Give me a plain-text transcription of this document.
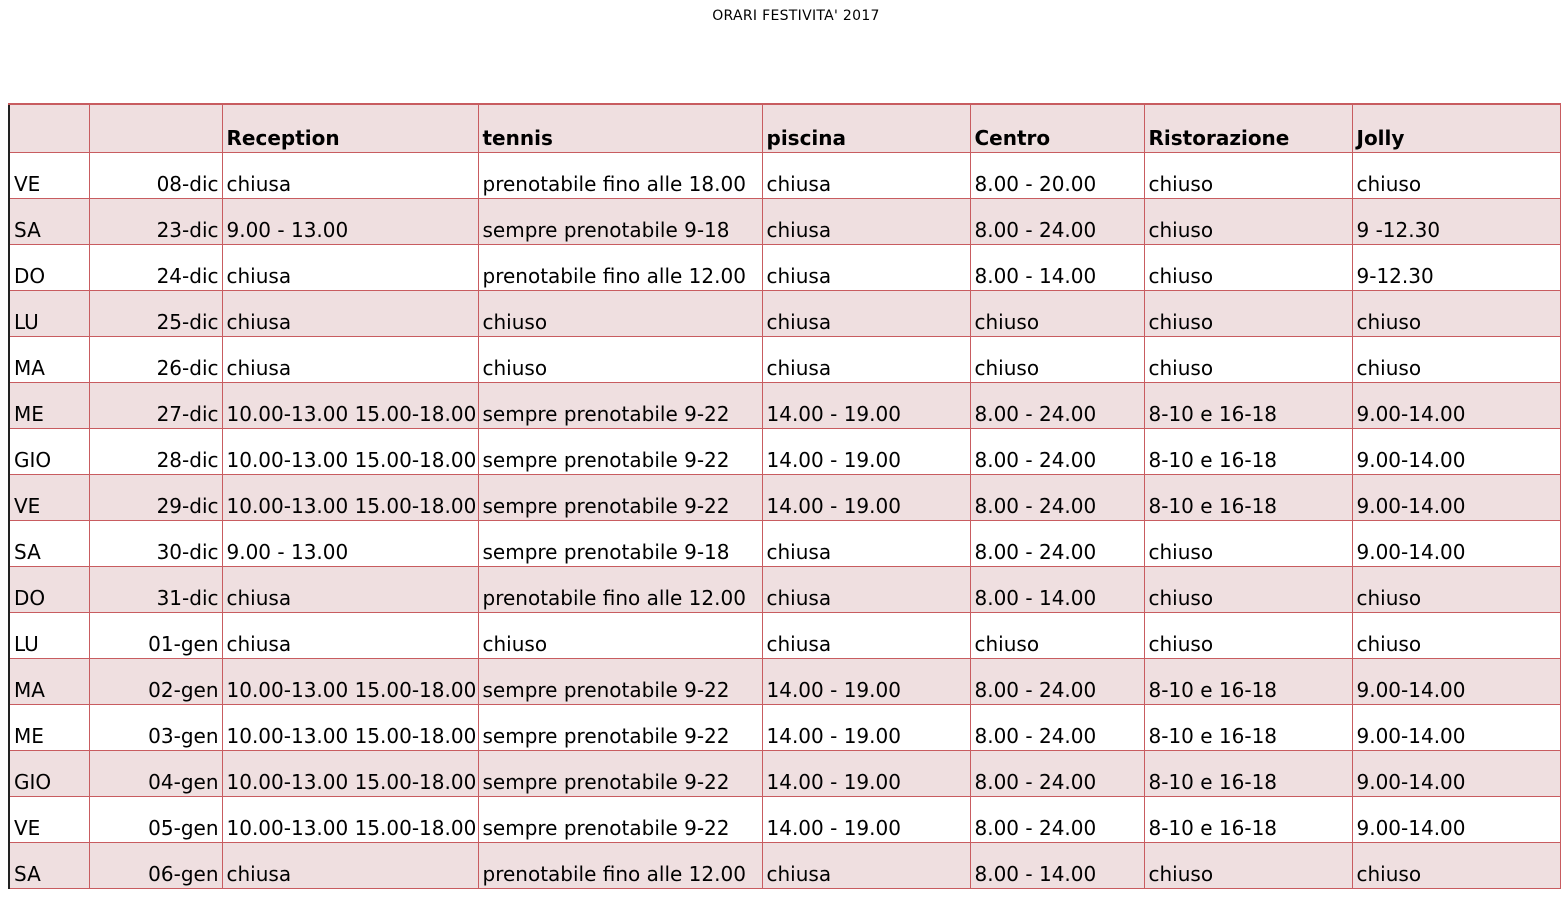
ORARI FESTIVITA' 2017
		Reception	tennis	piscina	Centro	Ristorazione	Jolly
VE	08-dic	chiusa	prenotabile fino alle 18.00	chiusa	8.00 - 20.00	chiuso	chiuso
SA	23-dic	9.00 - 13.00	sempre prenotabile 9-18	chiusa	8.00 - 24.00	chiuso	9 -12.30
DO	24-dic	chiusa	prenotabile fino alle 12.00	chiusa	8.00 - 14.00	chiuso	9-12.30
LU	25-dic	chiusa	chiuso	chiusa	chiuso	chiuso	chiuso
MA	26-dic	chiusa	chiuso	chiusa	chiuso	chiuso	chiuso
ME	27-dic	10.00-13.00 15.00-18.00	sempre prenotabile 9-22	14.00 - 19.00	8.00 - 24.00	8-10 e 16-18	9.00-14.00
GIO	28-dic	10.00-13.00 15.00-18.00	sempre prenotabile 9-22	14.00 - 19.00	8.00 - 24.00	8-10 e 16-18	9.00-14.00
VE	29-dic	10.00-13.00 15.00-18.00	sempre prenotabile 9-22	14.00 - 19.00	8.00 - 24.00	8-10 e 16-18	9.00-14.00
SA	30-dic	9.00 - 13.00	sempre prenotabile 9-18	chiusa	8.00 - 24.00	chiuso	9.00-14.00
DO	31-dic	chiusa	prenotabile fino alle 12.00	chiusa	8.00 - 14.00	chiuso	chiuso
LU	01-gen	chiusa	chiuso	chiusa	chiuso	chiuso	chiuso
MA	02-gen	10.00-13.00 15.00-18.00	sempre prenotabile 9-22	14.00 - 19.00	8.00 - 24.00	8-10 e 16-18	9.00-14.00
ME	03-gen	10.00-13.00 15.00-18.00	sempre prenotabile 9-22	14.00 - 19.00	8.00 - 24.00	8-10 e 16-18	9.00-14.00
GIO	04-gen	10.00-13.00 15.00-18.00	sempre prenotabile 9-22	14.00 - 19.00	8.00 - 24.00	8-10 e 16-18	9.00-14.00
VE	05-gen	10.00-13.00 15.00-18.00	sempre prenotabile 9-22	14.00 - 19.00	8.00 - 24.00	8-10 e 16-18	9.00-14.00
SA	06-gen	chiusa	prenotabile fino alle 12.00	chiusa	8.00 - 14.00	chiuso	chiuso
